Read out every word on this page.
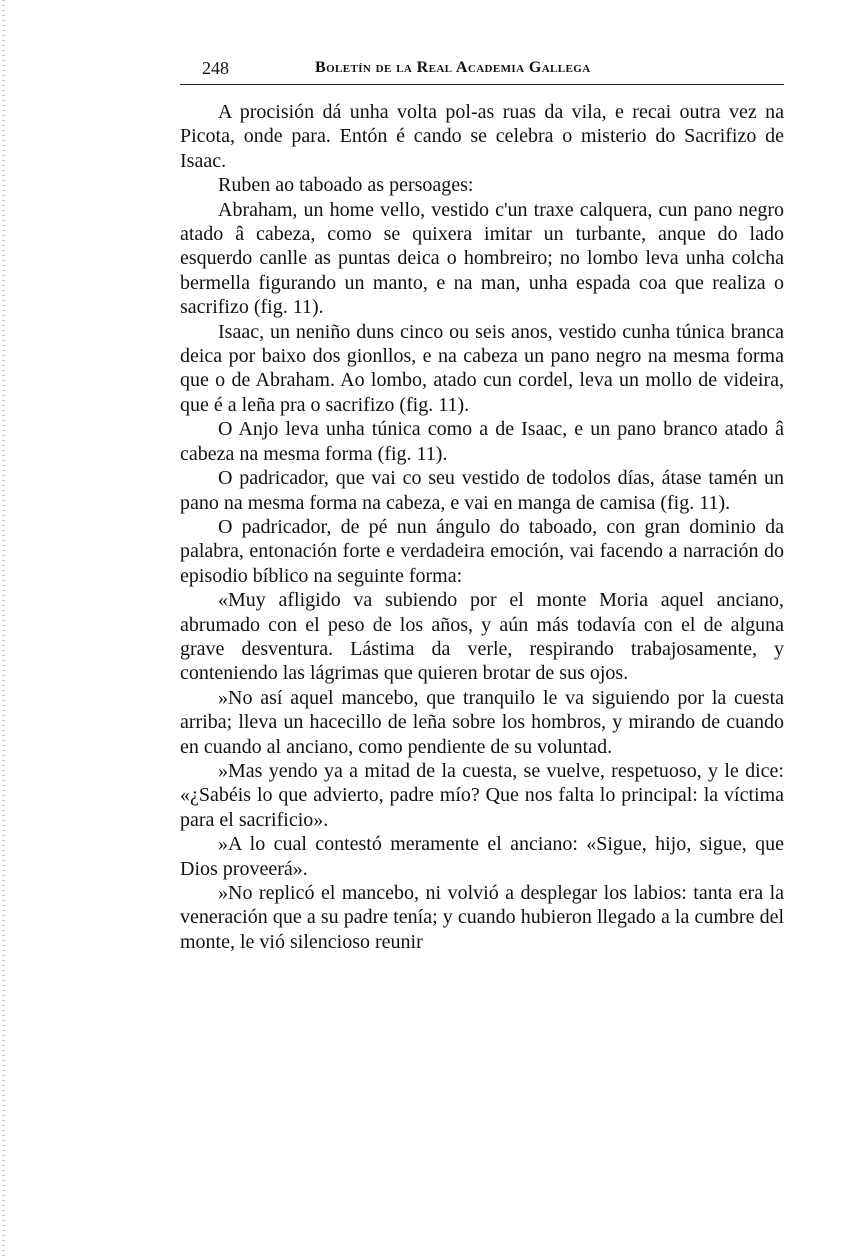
248	Boletín de la Real Academia Gallega

A procisión dá unha volta pol-as ruas da vila, e recai outra vez na Picota, onde para. Entón é cando se celebra o misterio do Sacrifizo de Isaac.

Ruben ao taboado as persoages:

Abraham, un home vello, vestido c'un traxe calquera, cun pano negro atado â cabeza, como se quixera imitar un turbante, anque do lado esquerdo canlle as puntas deica o hombreiro; no lombo leva unha colcha bermella figurando un manto, e na man, unha espada coa que realiza o sacrifizo (fig. 11).

Isaac, un neniño duns cinco ou seis anos, vestido cunha túnica branca deica por baixo dos gionllos, e na cabeza un pano negro na mesma forma que o de Abraham. Ao lombo, atado cun cordel, leva un mollo de videira, que é a leña pra o sacrifizo (fig. 11).

O Anjo leva unha túnica como a de Isaac, e un pano branco atado â cabeza na mesma forma (fig. 11).

O padricador, que vai co seu vestido de todolos días, átase tamén un pano na mesma forma na cabeza, e vai en manga de camisa (fig. 11).

O padricador, de pé nun ángulo do taboado, con gran dominio da palabra, entonación forte e verdadeira emoción, vai facendo a narración do episodio bíblico na seguinte forma:

«Muy afligido va subiendo por el monte Moria aquel anciano, abrumado con el peso de los años, y aún más todavía con el de alguna grave desventura. Lástima da verle, respirando trabajosamente, y conteniendo las lágrimas que quieren brotar de sus ojos.

»No así aquel mancebo, que tranquilo le va siguiendo por la cuesta arriba; lleva un hacecillo de leña sobre los hombros, y mirando de cuando en cuando al anciano, como pendiente de su voluntad.

»Mas yendo ya a mitad de la cuesta, se vuelve, respetuoso, y le dice: «¿Sabéis lo que advierto, padre mío? Que nos falta lo principal: la víctima para el sacrificio».

»A lo cual contestó meramente el anciano: «Sigue, hijo, sigue, que Dios proveerá».

»No replicó el mancebo, ni volvió a desplegar los labios: tanta era la veneración que a su padre tenía; y cuando hubieron llegado a la cumbre del monte, le vió silencioso reunir
